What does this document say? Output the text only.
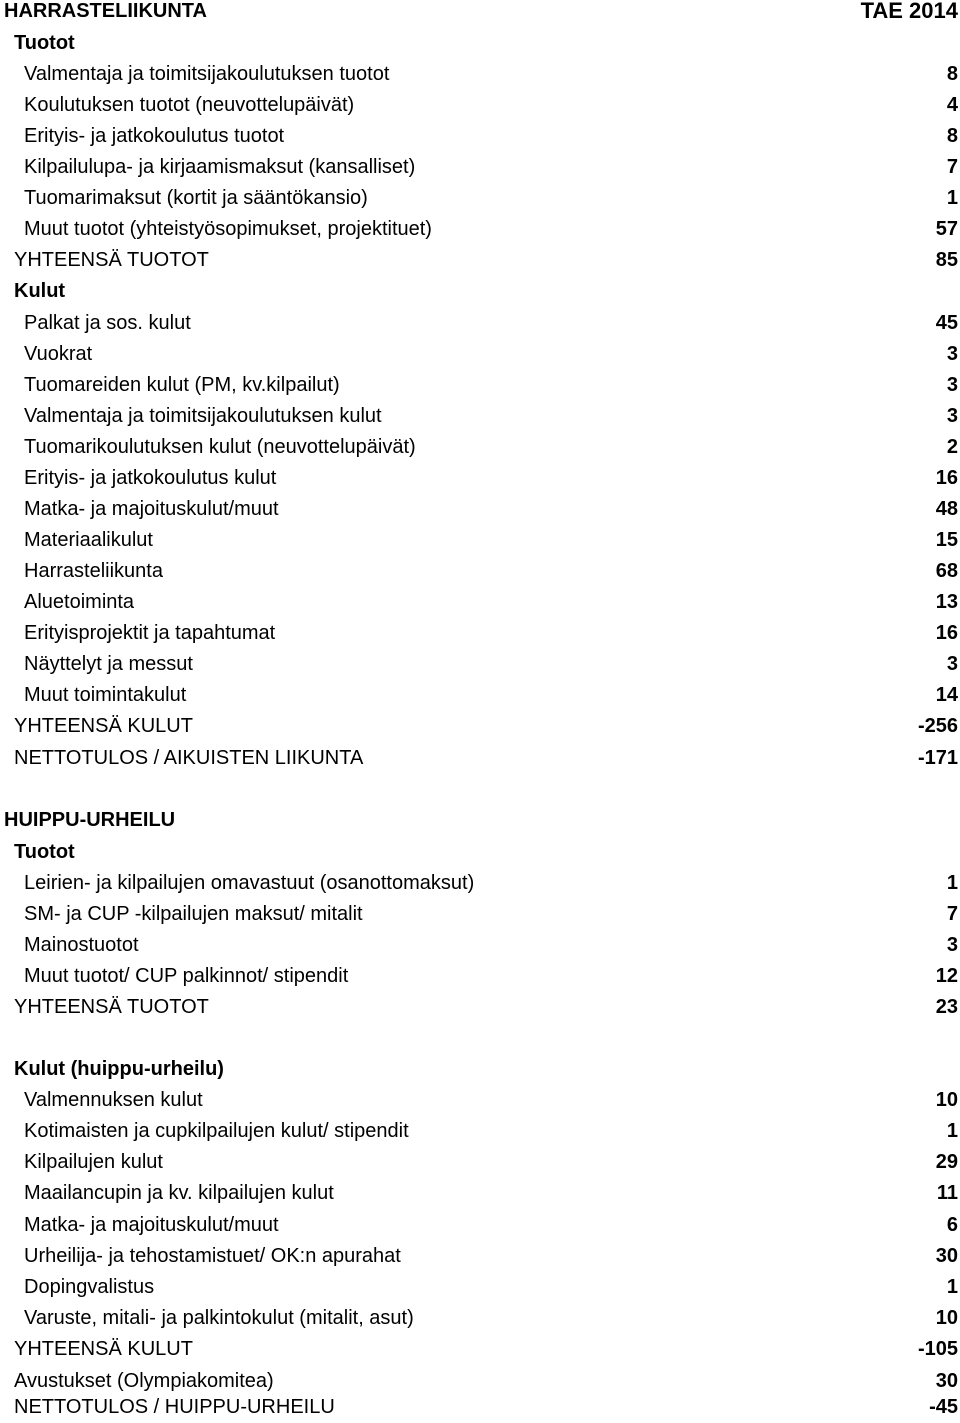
HARRASTELIIKUNTA	TAE 2014
Tuotot
Valmentaja ja toimitsijakoulutuksen tuotot	8
Koulutuksen tuotot (neuvottelupäivät)	4
Erityis- ja jatkokoulutus tuotot	8
Kilpailulupa- ja kirjaamismaksut (kansalliset)	7
Tuomarimaksut (kortit ja sääntökansio)	1
Muut tuotot (yhteistyösopimukset, projektituet)	57
YHTEENSÄ TUOTOT	85
Kulut
Palkat ja sos. kulut	45
Vuokrat	3
Tuomareiden kulut (PM, kv.kilpailut)	3
Valmentaja ja toimitsijakoulutuksen kulut	3
Tuomarikoulutuksen kulut (neuvottelupäivät)	2
Erityis- ja jatkokoulutus kulut	16
Matka- ja majoituskulut/muut	48
Materiaalikulut	15
Harrasteliikunta	68
Aluetoiminta	13
Erityisprojektit ja tapahtumat	16
Näyttelyt ja messut	3
Muut toimintakulut	14
YHTEENSÄ KULUT	-256
NETTOTULOS / AIKUISTEN LIIKUNTA	-171
HUIPPU-URHEILU
Tuotot
Leirien- ja kilpailujen omavastuut (osanottomaksut)	1
SM- ja CUP -kilpailujen maksut/ mitalit	7
Mainostuotot	3
Muut tuotot/ CUP palkinnot/ stipendit	12
YHTEENSÄ TUOTOT	23
Kulut (huippu-urheilu)
Valmennuksen kulut	10
Kotimaisten ja cupkilpailujen kulut/ stipendit	1
Kilpailujen kulut	29
Maailancupin ja kv. kilpailujen kulut	11
Matka- ja majoituskulut/muut	6
Urheilija- ja tehostamistuet/ OK:n apurahat	30
Dopingvalistus	1
Varuste, mitali- ja palkintokulut (mitalit, asut)	10
YHTEENSÄ KULUT	-105
Avustukset (Olympiakomitea)	30
NETTOTULOS / HUIPPU-URHEILU	-45
